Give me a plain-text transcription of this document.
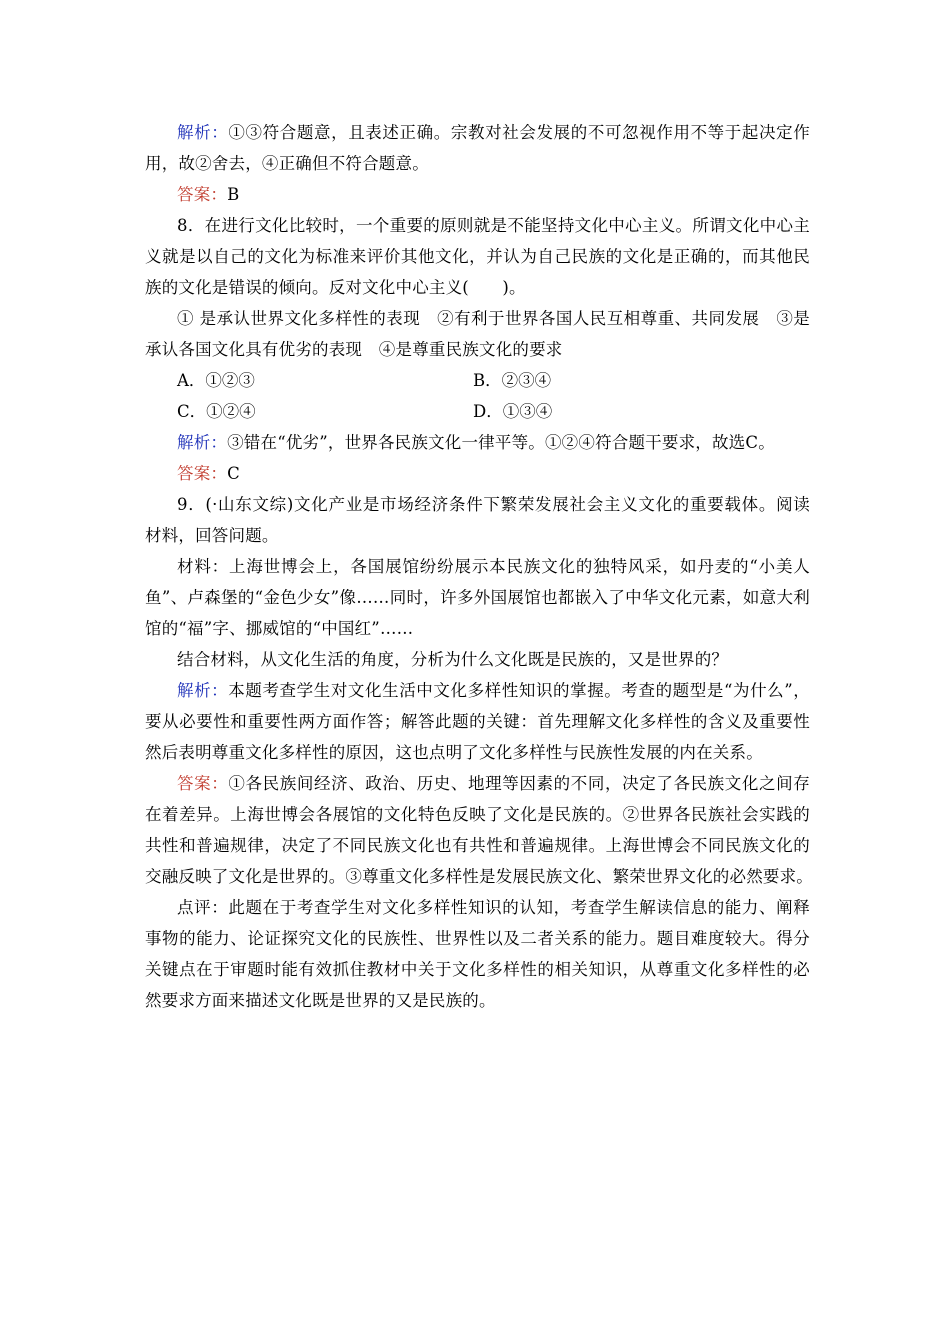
解析：①③符合题意，且表述正确。宗教对社会发展的不可忽视作用不等于起决定作
用，故②舍去，④正确但不符合题意。
答案：B
8．在进行文化比较时，一个重要的原则就是不能坚持文化中心主义。所谓文化中心主
义就是以自己的文化为标准来评价其他文化，并认为自己民族的文化是正确的，而其他民
族的文化是错误的倾向。反对文化中心主义(　　)。
① 是承认世界文化多样性的表现　②有利于世界各国人民互相尊重、共同发展　③是
承认各国文化具有优劣的表现　④是尊重民族文化的要求
A．①②③	B．②③④
C．①②④	D．①③④
解析：③错在“优劣”，世界各民族文化一律平等。①②④符合题干要求，故选C。
答案：C
9．(·山东文综)文化产业是市场经济条件下繁荣发展社会主义文化的重要载体。阅读
材料，回答问题。
材料：上海世博会上，各国展馆纷纷展示本民族文化的独特风采，如丹麦的“小美人
鱼”、卢森堡的“金色少女”像……同时，许多外国展馆也都嵌入了中华文化元素，如意大利
馆的“福”字、挪威馆的“中国红”……
结合材料，从文化生活的角度，分析为什么文化既是民族的，又是世界的？
解析：本题考查学生对文化生活中文化多样性知识的掌握。考查的题型是“为什么”，
要从必要性和重要性两方面作答；解答此题的关键：首先理解文化多样性的含义及重要性
然后表明尊重文化多样性的原因，这也点明了文化多样性与民族性发展的内在关系。
答案：①各民族间经济、政治、历史、地理等因素的不同，决定了各民族文化之间存
在着差异。上海世博会各展馆的文化特色反映了文化是民族的。②世界各民族社会实践的
共性和普遍规律，决定了不同民族文化也有共性和普遍规律。上海世博会不同民族文化的
交融反映了文化是世界的。③尊重文化多样性是发展民族文化、繁荣世界文化的必然要求。
点评：此题在于考查学生对文化多样性知识的认知，考查学生解读信息的能力、阐释
事物的能力、论证探究文化的民族性、世界性以及二者关系的能力。题目难度较大。得分
关键点在于审题时能有效抓住教材中关于文化多样性的相关知识，从尊重文化多样性的必
然要求方面来描述文化既是世界的又是民族的。
